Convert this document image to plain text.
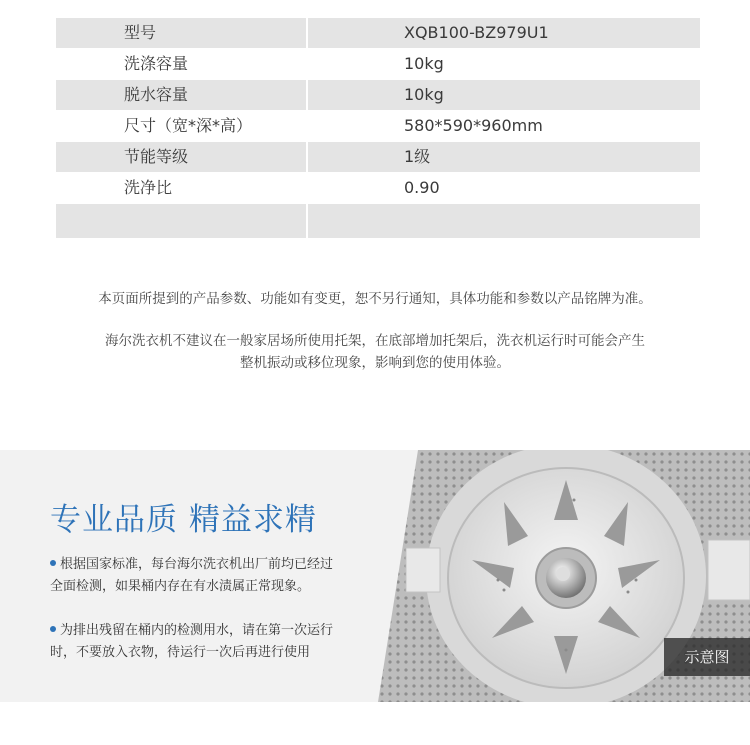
型号	XQB100-BZ979U1
洗涤容量	10kg
脱水容量	10kg
尺寸（宽*深*高）	580*590*960mm
节能等级	1级
洗净比	0.90
本页面所提到的产品参数、功能如有变更，恕不另行通知，具体功能和参数以产品铭牌为准。
海尔洗衣机不建议在一般家居场所使用托架，在底部增加托架后，洗衣机运行时可能会产生
整机振动或移位现象，影响到您的使用体验。
专业品质 精益求精
根据国家标准，每台海尔洗衣机出厂前均已经过
全面检测，如果桶内存在有水渍属正常现象。
为排出残留在桶内的检测用水，请在第一次运行
时，不要放入衣物，待运行一次后再进行使用	示意图
